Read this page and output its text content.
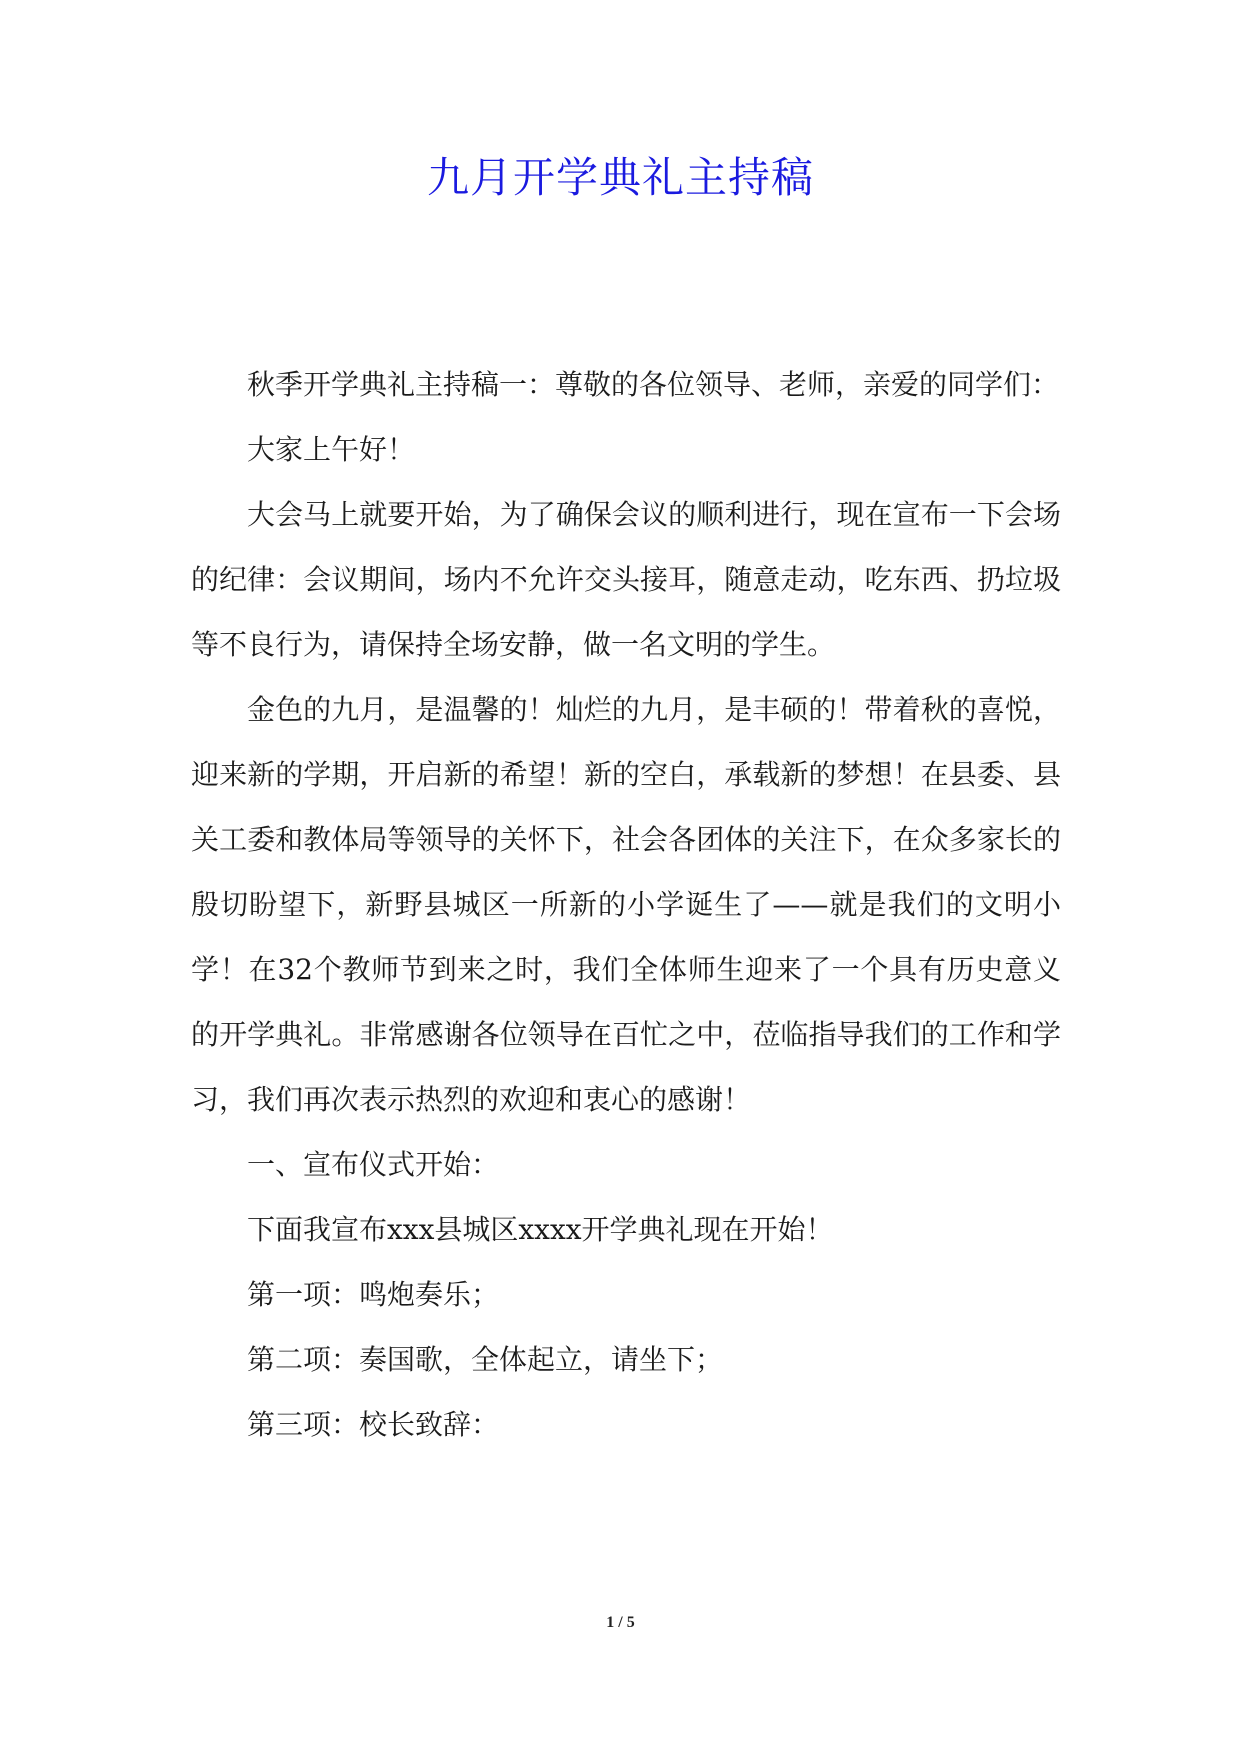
九月开学典礼主持稿

秋季开学典礼主持稿一：尊敬的各位领导、老师，亲爱的同学们：

大家上午好！

大会马上就要开始，为了确保会议的顺利进行，现在宣布一下会场的纪律：会议期间，场内不允许交头接耳，随意走动，吃东西、扔垃圾等不良行为，请保持全场安静，做一名文明的学生。

金色的九月，是温馨的！灿烂的九月，是丰硕的！带着秋的喜悦，迎来新的学期，开启新的希望！新的空白，承载新的梦想！在县委、县关工委和教体局等领导的关怀下，社会各团体的关注下，在众多家长的殷切盼望下，新野县城区一所新的小学诞生了——就是我们的文明小学！在32个教师节到来之时，我们全体师生迎来了一个具有历史意义的开学典礼。非常感谢各位领导在百忙之中，莅临指导我们的工作和学习，我们再次表示热烈的欢迎和衷心的感谢！

一、宣布仪式开始：

下面我宣布xxx县城区xxxx开学典礼现在开始！

第一项：鸣炮奏乐；

第二项：奏国歌，全体起立，请坐下；

第三项：校长致辞：

1 / 5
